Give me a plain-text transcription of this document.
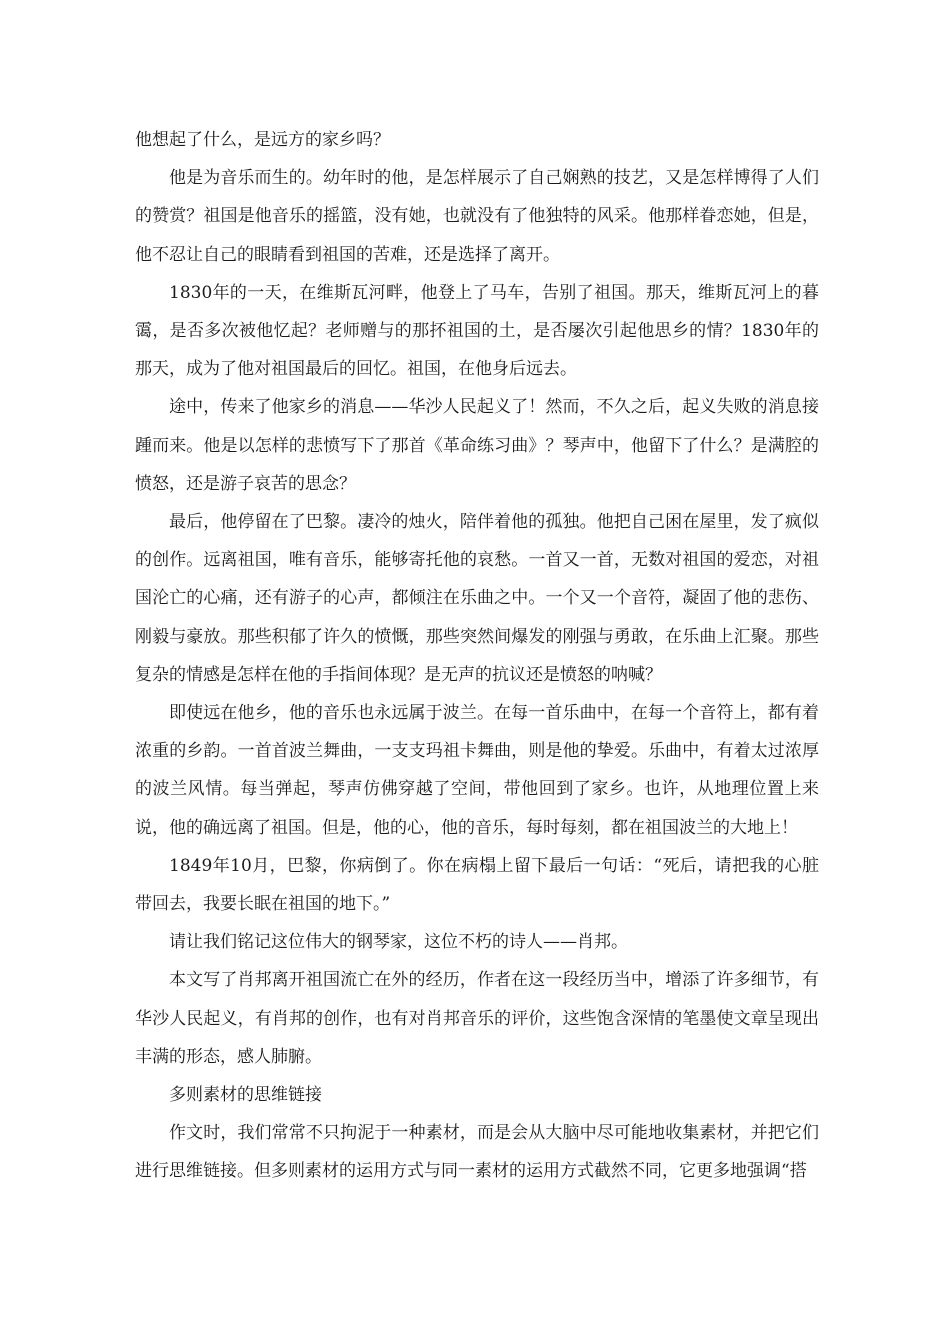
他想起了什么，是远方的家乡吗？

他是为音乐而生的。幼年时的他，是怎样展示了自己娴熟的技艺，又是怎样博得了人们的赞赏？祖国是他音乐的摇篮，没有她，也就没有了他独特的风采。他那样眷恋她，但是，他不忍让自己的眼睛看到祖国的苦难，还是选择了离开。

1830年的一天，在维斯瓦河畔，他登上了马车，告别了祖国。那天，维斯瓦河上的暮霭，是否多次被他忆起？老师赠与的那抔祖国的土，是否屡次引起他思乡的情？1830年的那天，成为了他对祖国最后的回忆。祖国，在他身后远去。

途中，传来了他家乡的消息——华沙人民起义了！然而，不久之后，起义失败的消息接踵而来。他是以怎样的悲愤写下了那首《革命练习曲》？琴声中，他留下了什么？是满腔的愤怒，还是游子哀苦的思念？

最后，他停留在了巴黎。凄冷的烛火，陪伴着他的孤独。他把自己困在屋里，发了疯似的创作。远离祖国，唯有音乐，能够寄托他的哀愁。一首又一首，无数对祖国的爱恋，对祖国沦亡的心痛，还有游子的心声，都倾注在乐曲之中。一个又一个音符，凝固了他的悲伤、刚毅与豪放。那些积郁了许久的愤慨，那些突然间爆发的刚强与勇敢，在乐曲上汇聚。那些复杂的情感是怎样在他的手指间体现？是无声的抗议还是愤怒的呐喊？

即使远在他乡，他的音乐也永远属于波兰。在每一首乐曲中，在每一个音符上，都有着浓重的乡韵。一首首波兰舞曲，一支支玛祖卡舞曲，则是他的挚爱。乐曲中，有着太过浓厚的波兰风情。每当弹起，琴声仿佛穿越了空间，带他回到了家乡。也许，从地理位置上来说，他的确远离了祖国。但是，他的心，他的音乐，每时每刻，都在祖国波兰的大地上！

1849年10月，巴黎，你病倒了。你在病榻上留下最后一句话：“死后，请把我的心脏带回去，我要长眠在祖国的地下。”

请让我们铭记这位伟大的钢琴家，这位不朽的诗人——肖邦。

本文写了肖邦离开祖国流亡在外的经历，作者在这一段经历当中，增添了许多细节，有华沙人民起义，有肖邦的创作，也有对肖邦音乐的评价，这些饱含深情的笔墨使文章呈现出丰满的形态，感人肺腑。

多则素材的思维链接

作文时，我们常常不只拘泥于一种素材，而是会从大脑中尽可能地收集素材，并把它们进行思维链接。但多则素材的运用方式与同一素材的运用方式截然不同，它更多地强调“搭
